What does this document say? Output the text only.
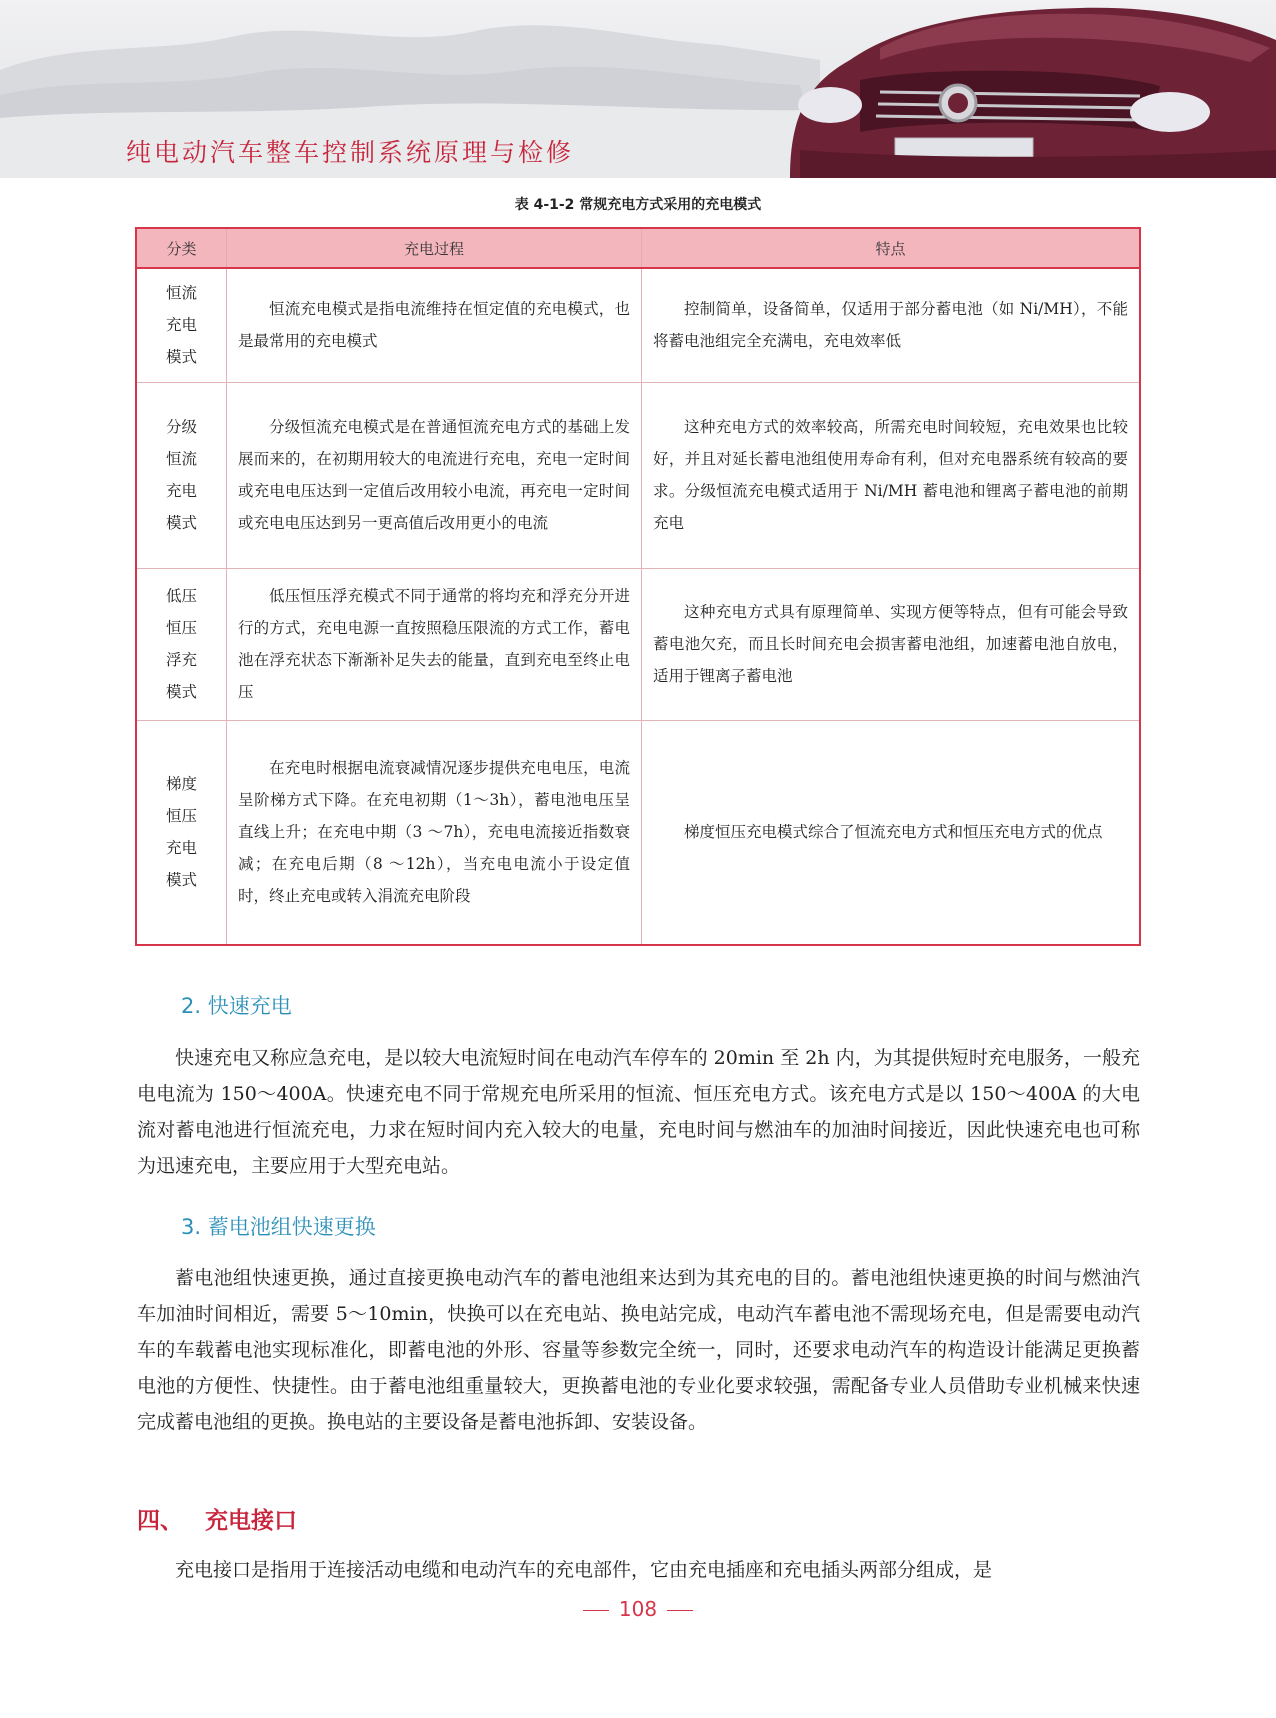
纯电动汽车整车控制系统原理与检修
表 4-1-2 常规充电方式采用的充电模式
分类	充电过程	特点
恒流充电模式	恒流充电模式是指电流维持在恒定值的充电模式，也是最常用的充电模式	控制简单，设备简单，仅适用于部分蓄电池（如 Ni/MH），不能将蓄电池组完全充满电，充电效率低
分级恒流充电模式	分级恒流充电模式是在普通恒流充电方式的基础上发展而来的，在初期用较大的电流进行充电，充电一定时间或充电电压达到一定值后改用较小电流，再充电一定时间或充电电压达到另一更高值后改用更小的电流	这种充电方式的效率较高，所需充电时间较短，充电效果也比较好，并且对延长蓄电池组使用寿命有利，但对充电器系统有较高的要求。分级恒流充电模式适用于 Ni/MH 蓄电池和锂离子蓄电池的前期充电
低压恒压浮充模式	低压恒压浮充模式不同于通常的将均充和浮充分开进行的方式，充电电源一直按照稳压限流的方式工作，蓄电池在浮充状态下渐渐补足失去的能量，直到充电至终止电压	这种充电方式具有原理简单、实现方便等特点，但有可能会导致蓄电池欠充，而且长时间充电会损害蓄电池组，加速蓄电池自放电，适用于锂离子蓄电池
梯度恒压充电模式	在充电时根据电流衰减情况逐步提供充电电压，电流呈阶梯方式下降。在充电初期（1～3h），蓄电池电压呈直线上升；在充电中期（3 ～7h），充电电流接近指数衰减；在充电后期（8 ～12h），当充电电流小于设定值时，终止充电或转入涓流充电阶段	梯度恒压充电模式综合了恒流充电方式和恒压充电方式的优点
2. 快速充电
快速充电又称应急充电，是以较大电流短时间在电动汽车停车的 20min 至 2h 内，为其提供短时充电服务，一般充电电流为 150～400A。快速充电不同于常规充电所采用的恒流、恒压充电方式。该充电方式是以 150～400A 的大电流对蓄电池进行恒流充电，力求在短时间内充入较大的电量，充电时间与燃油车的加油时间接近，因此快速充电也可称为迅速充电，主要应用于大型充电站。
3. 蓄电池组快速更换
蓄电池组快速更换，通过直接更换电动汽车的蓄电池组来达到为其充电的目的。蓄电池组快速更换的时间与燃油汽车加油时间相近，需要 5～10min，快换可以在充电站、换电站完成，电动汽车蓄电池不需现场充电，但是需要电动汽车的车载蓄电池实现标准化，即蓄电池的外形、容量等参数完全统一，同时，还要求电动汽车的构造设计能满足更换蓄电池的方便性、快捷性。由于蓄电池组重量较大，更换蓄电池的专业化要求较强，需配备专业人员借助专业机械来快速完成蓄电池组的更换。换电站的主要设备是蓄电池拆卸、安装设备。
四、 充电接口
充电接口是指用于连接活动电缆和电动汽车的充电部件，它由充电插座和充电插头两部分组成，是
108
